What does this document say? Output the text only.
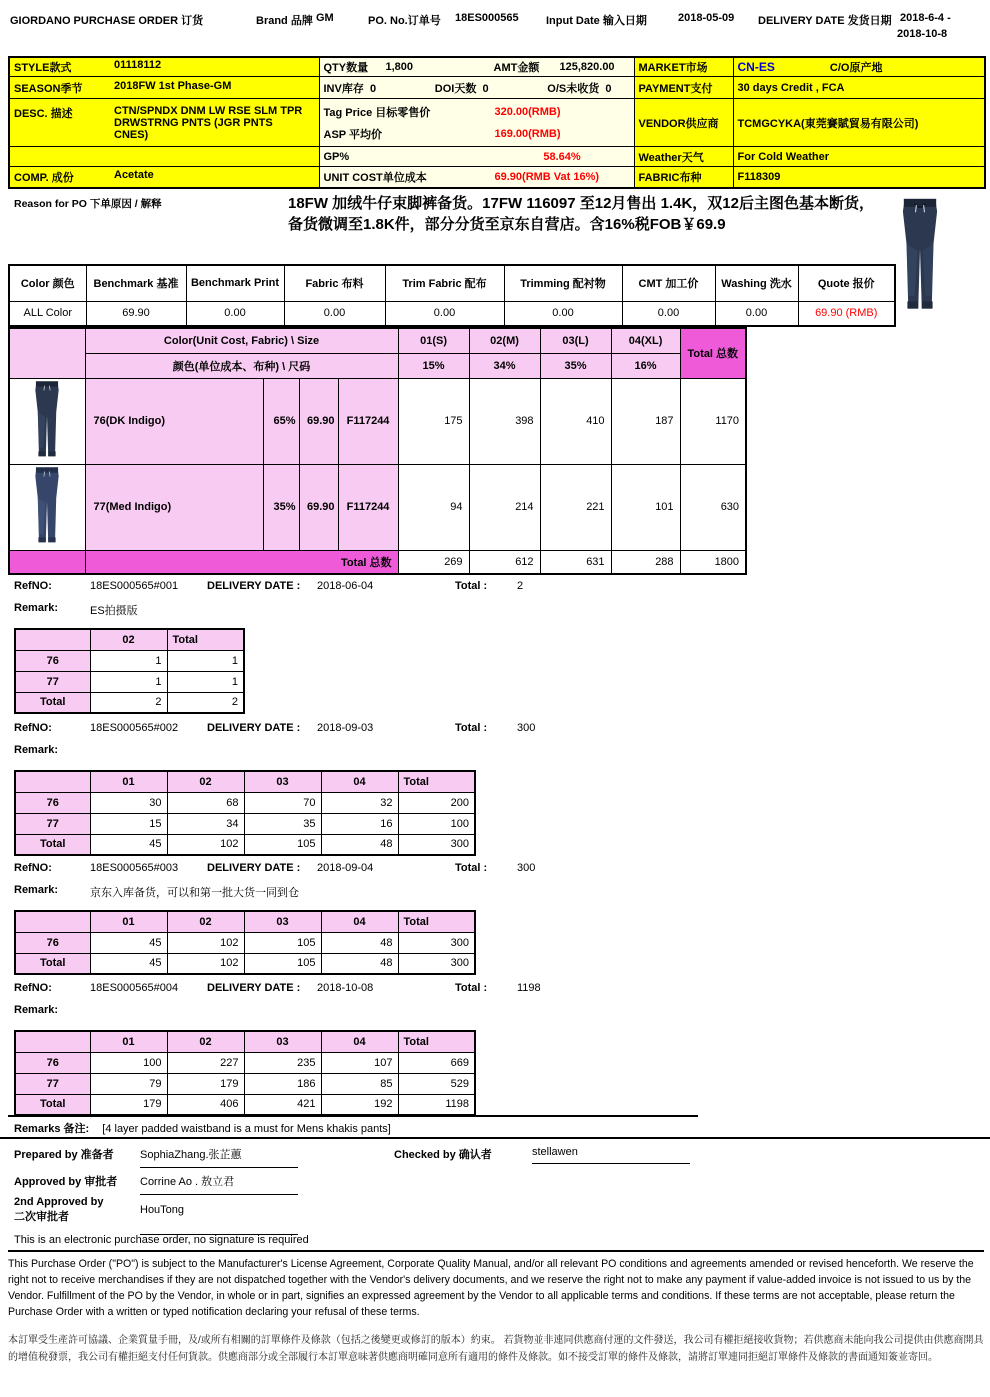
GIORDANO PURCHASE ORDER 订货	Brand 品牌 GM	PO. No.订单号 18ES000565 Input Date 输入日期	2018-05-09 DELIVERY DATE 发货日期 2018-6-4 -
2018-10-8
STYLE款式 01118112	QTY数量 1,800 AMT金额 125,820.00	MARKET市场	CN-ES C/O原产地
SEASON季节 2018FW 1st Phase-GM	INV库存 0 DOI天数 0 O/S未收货 0	PAYMENT支付	30 days Credit , FCA
DESC. 描述 CTN/SPNDX DNM LW RSE SLM TPR DRWSTRNG PNTS (JGR PNTS CNES)	Tag Price 目标零售价 320.00(RMB)
ASP 平均价 169.00(RMB)	VENDOR供应商	TCMGCYKA(東莞賽賦貿易有限公司)

	GP% 58.64%	Weather天气	For Cold Weather
COMP. 成份 Acetate	UNIT COST单位成本 69.90(RMB Vat 16%)	FABRIC布种	F118309
Reason for PO 下单原因 / 解释	18FW 加绒牛仔束脚裤备货。17FW 116097 至12月售出 1.4K，双12后主图色基本断货，备货微调至1.8K件，部分分货至京东自营店。含16%税FOB￥69.9
Color 颜色	Benchmark 基准	Benchmark Print	Fabric 布料	Trim Fabric 配布	Trimming 配衬物	CMT 加工价	Washing 洗水	Quote 报价
ALL Color	69.90	0.00	0.00	0.00	0.00	0.00	0.00	69.90 (RMB)
	Color(Unit Cost, Fabric) \ Size				01(S)	02(M)	03(L)	04(XL)	Total 总数
	颜色(单位成本、布种) \ 尺码				15%	34%	35%	16%	
	76(DK Indigo)	65%	69.90	F117244	175	398	410	187	1170
	77(Med Indigo)	35%	69.90	F117244	94	214	221	101	630
	Total 总数				269	612	631	288	1800
RefNO:	18ES000565#001	DELIVERY DATE : 2018-06-04	Total :	2
Remark:	ES拍摄版
	02	Total
76	1	1
77	1	1
Total	2	2
RefNO:	18ES000565#002	DELIVERY DATE : 2018-09-03	Total :	300
Remark:
	01	02	03	04	Total
76	30	68	70	32	200
77	15	34	35	16	100
Total	45	102	105	48	300
RefNO:	18ES000565#003	DELIVERY DATE : 2018-09-04	Total :	300
Remark:	京东入库备货，可以和第一批大货一同到仓
	01	02	03	04	Total
76	45	102	105	48	300
Total	45	102	105	48	300
RefNO:	18ES000565#004	DELIVERY DATE : 2018-10-08	Total :	1198
Remark:
	01	02	03	04	Total
76	100	227	235	107	669
77	79	179	186	85	529
Total	179	406	421	192	1198
Remarks 备注: [4 layer padded waistband is a must for Mens khakis pants]
Prepared by 准备者 SophiaZhang.张芷蕙	Checked by 确认者	stellawen
Approved by 审批者 Corrine Ao . 敖立君
2nd Approved by
二次审批者
HouTong
This is an electronic purchase order, no signature is required
This Purchase Order ("PO") is subject to the Manufacturer's License Agreement, Corporate Quality Manual, and/or all relevant PO conditions and agreements amended or revised henceforth. We reserve the right not to receive merchandises if they are not dispatched together with the Vendor's delivery documents, and we reserve the right not to make any payment if value-added invoice is not issued to us by the Vendor. Fulfillment of the PO by the Vendor, in whole or in part, signifies an expressed agreement by the Vendor to all applicable terms and conditions. If these terms are not acceptable, please return the Purchase Order with a written or typed notification declaring your refusal of these terms.
本訂單受生產許可協議、企業質量手冊，及/或所有相關的訂單條件及條款（包括之後變更或修訂的版本）約束。 若貨物並非連同供應商付運的文件發送，我公司有權拒絕接收貨物；若供應商未能向我公司提供由供應商開具的增值稅發票，我公司有權拒絕支付任何貨款。供應商部分或全部履行本訂單意味著供應商明確同意所有適用的條件及條款。如不接受訂單的條件及條款，請將訂單連同拒絕訂單條件及條款的書面通知簽並寄回。
